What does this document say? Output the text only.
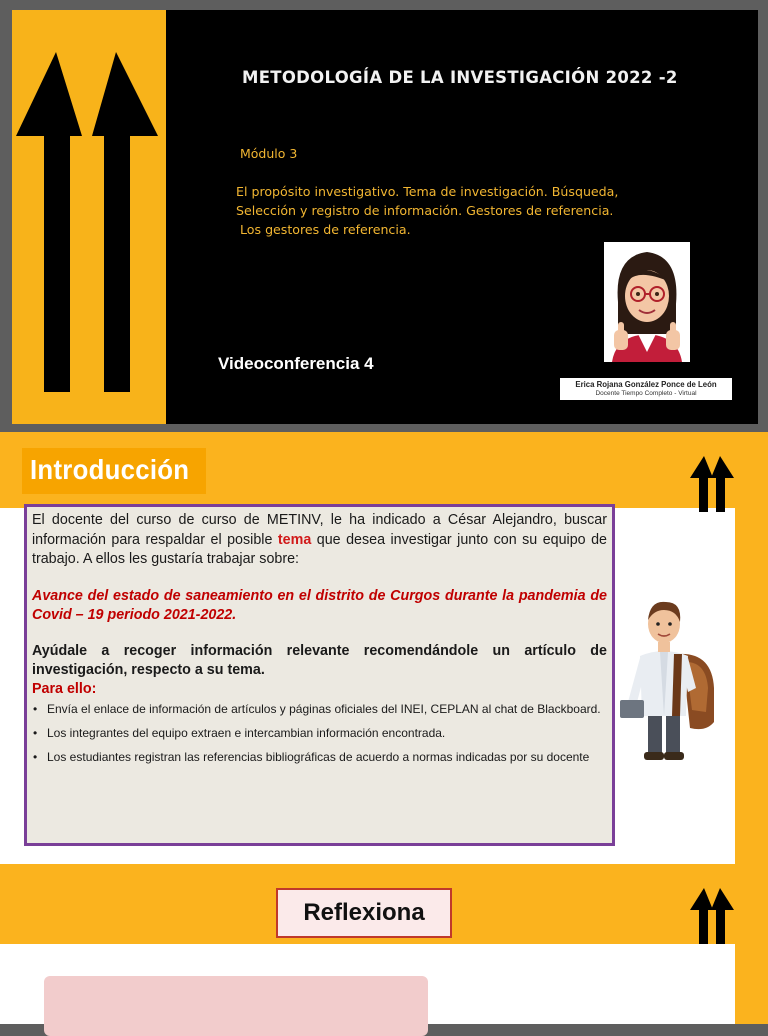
METODOLOGÍA DE LA INVESTIGACIÓN 2022 -2
Módulo 3
El propósito investigativo. Tema de investigación. Búsqueda,
Selección y registro de información. Gestores de referencia.
Los gestores de referencia.
Videoconferencia 4
Erica Rojana González Ponce de León
Docente Tiempo Completo - Virtual
Introducción
El docente del curso de curso de METINV, le ha indicado a César Alejandro, buscar información para respaldar el posible tema que desea investigar junto con su equipo de trabajo. A ellos les gustaría trabajar sobre:
Avance del estado de saneamiento en el distrito de Curgos durante la pandemia de Covid – 19 periodo 2021-2022.
Ayúdale a recoger información relevante recomendándole un artículo de investigación, respecto a su tema.
Para ello:
• Envía el enlace de información de artículos y páginas oficiales del INEI, CEPLAN al chat de Blackboard.
• Los integrantes del equipo extraen e intercambian información encontrada.
• Los estudiantes registran las referencias bibliográficas de acuerdo a normas indicadas por su docente
Reflexiona
